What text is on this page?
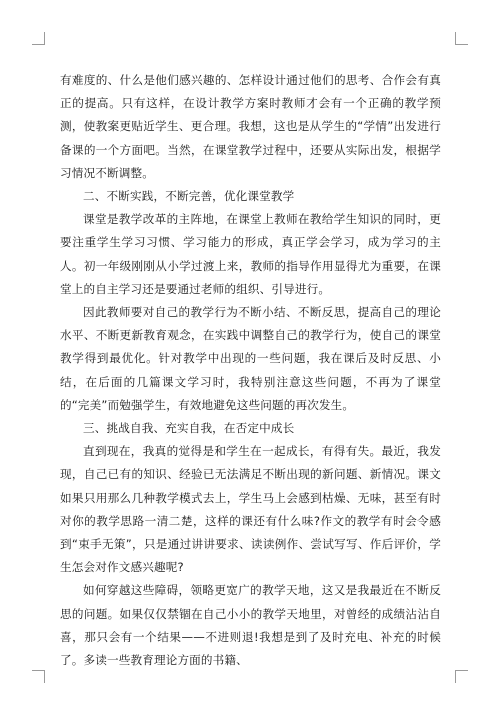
有难度的、什么是他们感兴趣的、怎样设计通过他们的思考、合作会有真正的提高。只有这样，在设计教学方案时教师才会有一个正确的教学预测，使教案更贴近学生、更合理。我想，这也是从学生的“学情”出发进行备课的一个方面吧。当然，在课堂教学过程中，还要从实际出发，根据学习情况不断调整。

二、不断实践，不断完善，优化课堂教学

课堂是教学改革的主阵地，在课堂上教师在教给学生知识的同时，更要注重学生学习习惯、学习能力的形成，真正学会学习，成为学习的主人。初一年级刚刚从小学过渡上来，教师的指导作用显得尤为重要，在课堂上的自主学习还是要通过老师的组织、引导进行。

因此教师要对自己的教学行为不断小结、不断反思，提高自己的理论水平、不断更新教育观念，在实践中调整自己的教学行为，使自己的课堂教学得到最优化。针对教学中出现的一些问题，我在课后及时反思、小结，在后面的几篇课文学习时，我特别注意这些问题，不再为了课堂的“完美”而勉强学生，有效地避免这些问题的再次发生。

三、挑战自我、充实自我，在否定中成长

直到现在，我真的觉得是和学生在一起成长，有得有失。最近，我发现，自己已有的知识、经验已无法满足不断出现的新问题、新情况。课文如果只用那么几种教学模式去上，学生马上会感到枯燥、无味，甚至有时对你的教学思路一清二楚，这样的课还有什么味?作文的教学有时会令感到“束手无策”，只是通过讲讲要求、读读例作、尝试写写、作后评价，学生怎会对作文感兴趣呢?

如何穿越这些障碍，领略更宽广的教学天地，这又是我最近在不断反思的问题。如果仅仅禁锢在自己小小的教学天地里，对曾经的成绩沾沾自喜，那只会有一个结果——不进则退!我想是到了及时充电、补充的时候了。多读一些教育理论方面的书籍、
